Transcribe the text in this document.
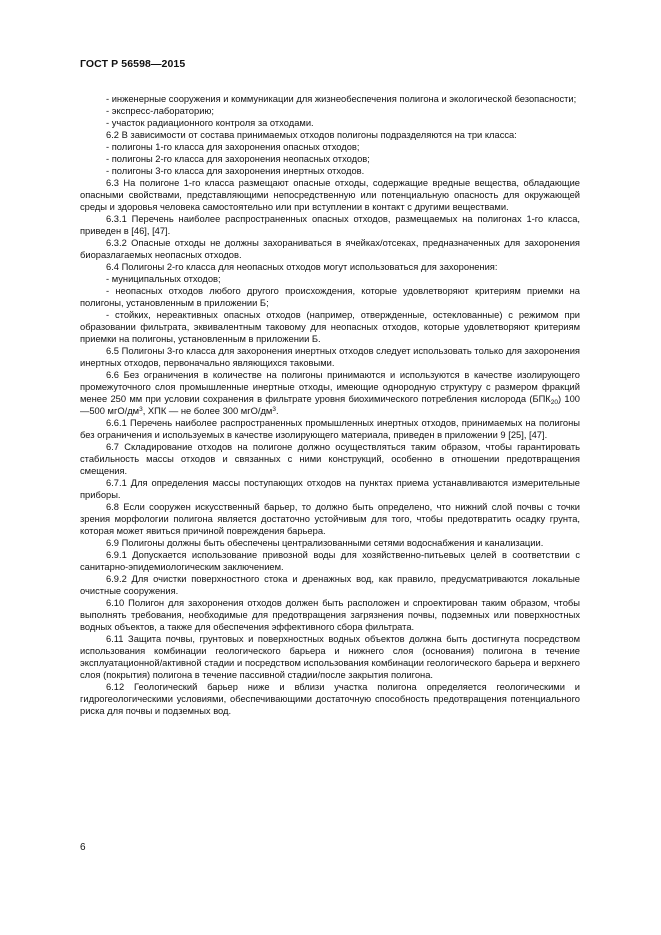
ГОСТ Р 56598—2015

- инженерные сооружения и коммуникации для жизнеобеспечения полигона и экологической безопасности;

- экспресс-лабораторию;

- участок радиационного контроля за отходами.

6.2 В зависимости от состава принимаемых отходов полигоны подразделяются на три класса:

- полигоны 1-го класса для захоронения опасных отходов;

- полигоны 2-го класса для захоронения неопасных отходов;

- полигоны 3-го класса для захоронения инертных отходов.

6.3 На полигоне 1-го класса размещают опасные отходы, содержащие вредные вещества, обладающие опасными свойствами, представляющими непосредственную или потенциальную опасность для окружающей среды и здоровья человека самостоятельно или при вступлении в контакт с другими веществами.

6.3.1 Перечень наиболее распространенных опасных отходов, размещаемых на полигонах 1-го класса, приведен в [46], [47].

6.3.2 Опасные отходы не должны захораниваться в ячейках/отсеках, предназначенных для захоронения биоразлагаемых неопасных отходов.

6.4 Полигоны 2-го класса для неопасных отходов могут использоваться для захоронения:

- муниципальных отходов;

- неопасных отходов любого другого происхождения, которые удовлетворяют критериям приемки на полигоны, установленным в приложении Б;

- стойких, нереактивных опасных отходов (например, отвержденные, остеклованные) с режимом при образовании фильтрата, эквивалентным таковому для неопасных отходов, которые удовлетворяют критериям приемки на полигоны, установленным в приложении Б.

6.5 Полигоны 3-го класса для захоронения инертных отходов следует использовать только для захоронения инертных отходов, первоначально являющихся таковыми.

6.6 Без ограничения в количестве на полигоны принимаются и используются в качестве изолирующего промежуточного слоя промышленные инертные отходы, имеющие однородную структуру с размером фракций менее 250 мм при условии сохранения в фильтрате уровня биохимического потребления кислорода $(БПК_{20})$ 100—500 мгО/$дм^3$, ХПК — не более 300 мгО/$дм^3$.

6.6.1 Перечень наиболее распространенных промышленных инертных отходов, принимаемых на полигоны без ограничения и используемых в качестве изолирующего материала, приведен в приложении 9 [25], [47].

6.7 Складирование отходов на полигоне должно осуществляться таким образом, чтобы гарантировать стабильность массы отходов и связанных с ними конструкций, особенно в отношении предотвращения смещения.

6.7.1 Для определения массы поступающих отходов на пунктах приема устанавливаются измерительные приборы.

6.8 Если сооружен искусственный барьер, то должно быть определено, что нижний слой почвы с точки зрения морфологии полигона является достаточно устойчивым для того, чтобы предотвратить осадку грунта, которая может явиться причиной повреждения барьера.

6.9 Полигоны должны быть обеспечены централизованными сетями водоснабжения и канализации.

6.9.1 Допускается использование привозной воды для хозяйственно-питьевых целей в соответствии с санитарно-эпидемиологическим заключением.

6.9.2 Для очистки поверхностного стока и дренажных вод, как правило, предусматриваются локальные очистные сооружения.

6.10 Полигон для захоронения отходов должен быть расположен и спроектирован таким образом, чтобы выполнять требования, необходимые для предотвращения загрязнения почвы, подземных или поверхностных водных объектов, а также для обеспечения эффективного сбора фильтрата.

6.11 Защита почвы, грунтовых и поверхностных водных объектов должна быть достигнута посредством использования комбинации геологического барьера и нижнего слоя (основания) полигона в течение эксплуатационной/активной стадии и посредством использования комбинации геологического барьера и верхнего слоя (покрытия) полигона в течение пассивной стадии/после закрытия полигона.

6.12 Геологический барьер ниже и вблизи участка полигона определяется геологическими и гидрогеологическими условиями, обеспечивающими достаточную способность предотвращения потенциального риска для почвы и подземных вод.

6
